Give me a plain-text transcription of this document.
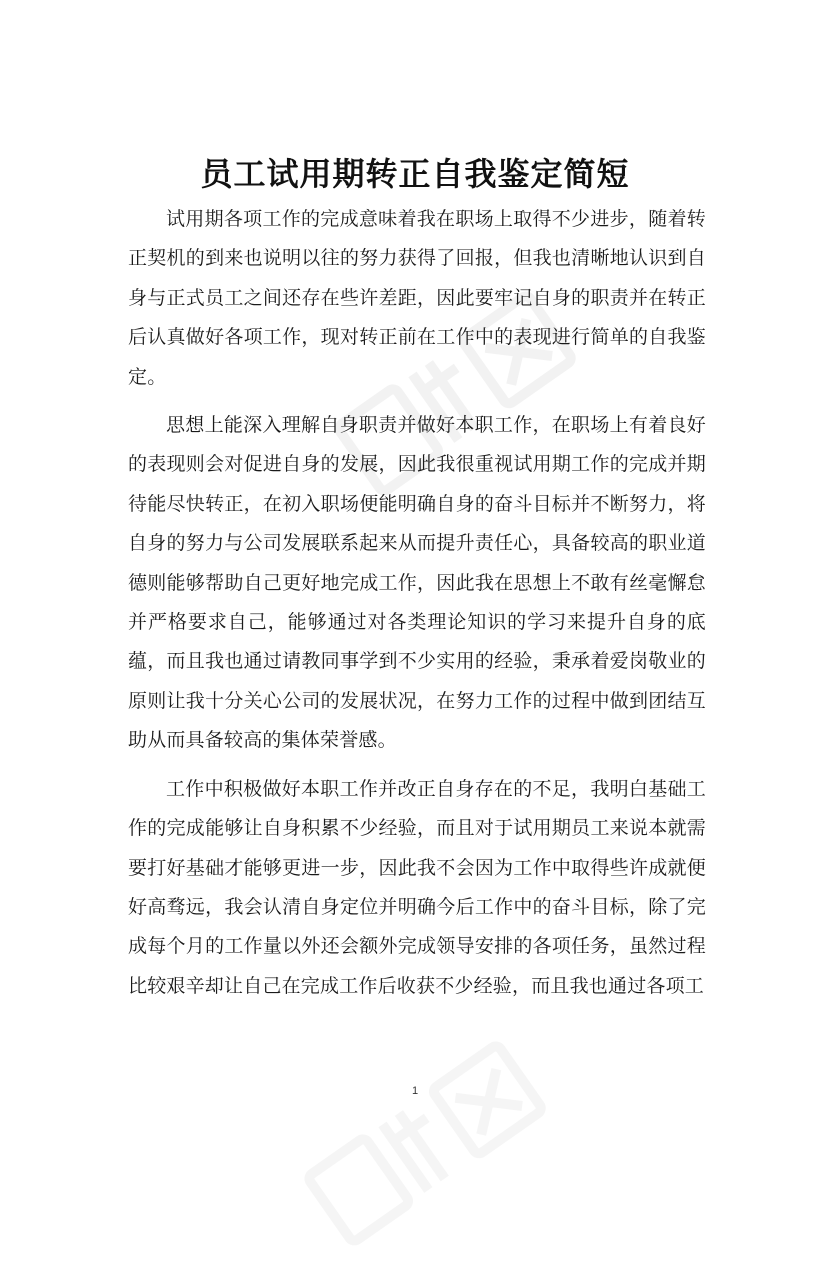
员工试用期转正自我鉴定简短

试用期各项工作的完成意味着我在职场上取得不少进步，随着转正契机的到来也说明以往的努力获得了回报，但我也清晰地认识到自身与正式员工之间还存在些许差距，因此要牢记自身的职责并在转正后认真做好各项工作，现对转正前在工作中的表现进行简单的自我鉴定。

思想上能深入理解自身职责并做好本职工作，在职场上有着良好的表现则会对促进自身的发展，因此我很重视试用期工作的完成并期待能尽快转正，在初入职场便能明确自身的奋斗目标并不断努力，将自身的努力与公司发展联系起来从而提升责任心，具备较高的职业道德则能够帮助自己更好地完成工作，因此我在思想上不敢有丝毫懈怠并严格要求自己，能够通过对各类理论知识的学习来提升自身的底蕴，而且我也通过请教同事学到不少实用的经验，秉承着爱岗敬业的原则让我十分关心公司的发展状况，在努力工作的过程中做到团结互助从而具备较高的集体荣誉感。

工作中积极做好本职工作并改正自身存在的不足，我明白基础工作的完成能够让自身积累不少经验，而且对于试用期员工来说本就需要打好基础才能够更进一步，因此我不会因为工作中取得些许成就便好高骛远，我会认清自身定位并明确今后工作中的奋斗目标，除了完成每个月的工作量以外还会额外完成领导安排的各项任务，虽然过程比较艰辛却让自己在完成工作后收获不少经验，而且我也通过各项工

1
